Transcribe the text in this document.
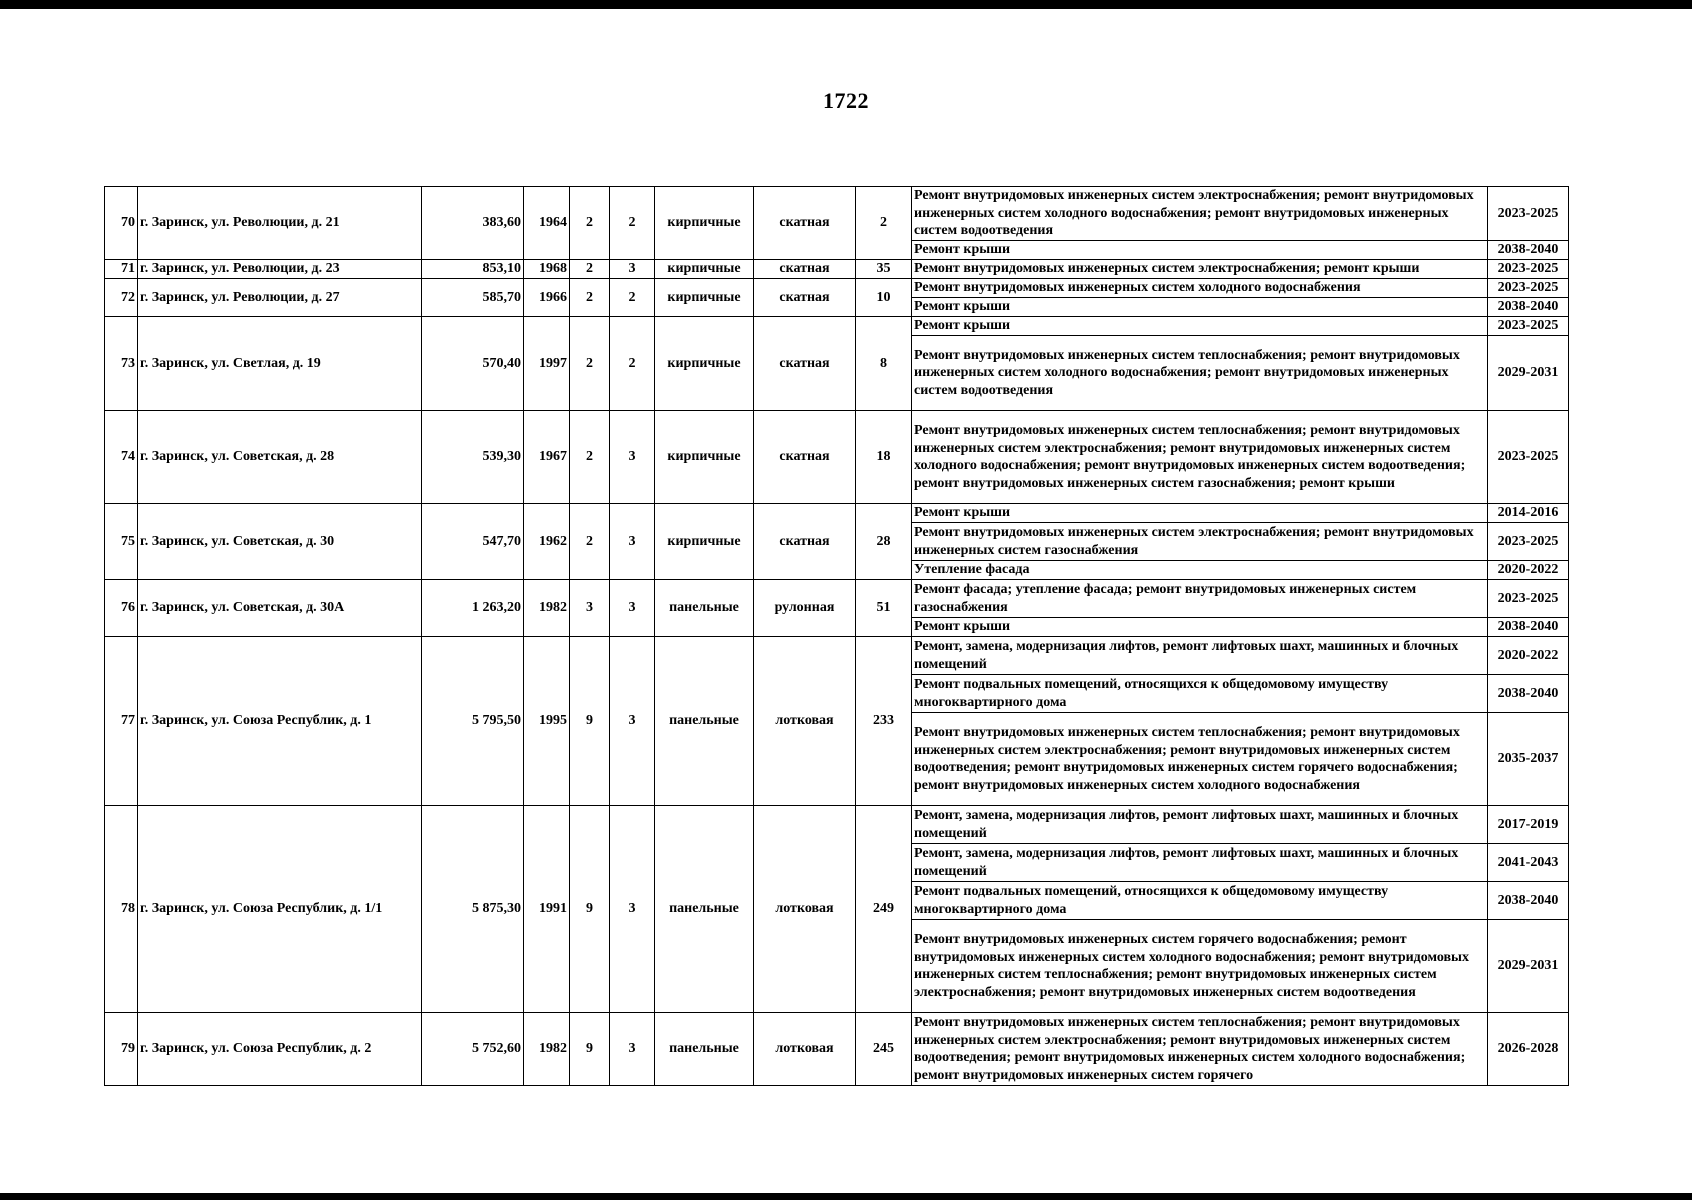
1722
70	г. Заринск, ул. Революции, д. 21	383,60	1964	2	2	кирпичные	скатная	2	Ремонт внутридомовых инженерных систем электроснабжения; ремонт внутридомовых инженерных систем холодного водоснабжения; ремонт внутридомовых инженерных систем водоотведения	2023-2025
									Ремонт крыши	2038-2040
71	г. Заринск, ул. Революции, д. 23	853,10	1968	2	3	кирпичные	скатная	35	Ремонт внутридомовых инженерных систем электроснабжения; ремонт крыши	2023-2025
72	г. Заринск, ул. Революции, д. 27	585,70	1966	2	2	кирпичные	скатная	10	Ремонт внутридомовых инженерных систем холодного водоснабжения	2023-2025
									Ремонт крыши	2038-2040
73	г. Заринск, ул. Светлая, д. 19	570,40	1997	2	2	кирпичные	скатная	8	Ремонт крыши	2023-2025
									Ремонт внутридомовых инженерных систем теплоснабжения; ремонт внутридомовых инженерных систем холодного водоснабжения; ремонт внутридомовых инженерных систем водоотведения	2029-2031
74	г. Заринск, ул. Советская, д. 28	539,30	1967	2	3	кирпичные	скатная	18	Ремонт внутридомовых инженерных систем теплоснабжения; ремонт внутридомовых инженерных систем электроснабжения; ремонт внутридомовых инженерных систем холодного водоснабжения; ремонт внутридомовых инженерных систем водоотведения; ремонт внутридомовых инженерных систем газоснабжения; ремонт крыши	2023-2025
75	г. Заринск, ул. Советская, д. 30	547,70	1962	2	3	кирпичные	скатная	28	Ремонт крыши	2014-2016
									Ремонт внутридомовых инженерных систем электроснабжения; ремонт внутридомовых инженерных систем газоснабжения	2023-2025
									Утепление фасада	2020-2022
76	г. Заринск, ул. Советская, д. 30А	1 263,20	1982	3	3	панельные	рулонная	51	Ремонт фасада; утепление фасада; ремонт внутридомовых инженерных систем газоснабжения	2023-2025
									Ремонт крыши	2038-2040
77	г. Заринск, ул. Союза Республик, д. 1	5 795,50	1995	9	3	панельные	лотковая	233	Ремонт, замена, модернизация лифтов, ремонт лифтовых шахт, машинных и блочных помещений	2020-2022
									Ремонт подвальных помещений, относящихся к общедомовому имуществу многоквартирного дома	2038-2040
									Ремонт внутридомовых инженерных систем теплоснабжения; ремонт внутридомовых инженерных систем электроснабжения; ремонт внутридомовых инженерных систем водоотведения; ремонт внутридомовых инженерных систем горячего водоснабжения; ремонт внутридомовых инженерных систем холодного водоснабжения	2035-2037
78	г. Заринск, ул. Союза Республик, д. 1/1	5 875,30	1991	9	3	панельные	лотковая	249	Ремонт, замена, модернизация лифтов, ремонт лифтовых шахт, машинных и блочных помещений	2017-2019
									Ремонт, замена, модернизация лифтов, ремонт лифтовых шахт, машинных и блочных помещений	2041-2043
									Ремонт подвальных помещений, относящихся к общедомовому имуществу многоквартирного дома	2038-2040
									Ремонт внутридомовых инженерных систем горячего водоснабжения; ремонт внутридомовых инженерных систем холодного водоснабжения; ремонт внутридомовых инженерных систем теплоснабжения; ремонт внутридомовых инженерных систем электроснабжения; ремонт внутридомовых инженерных систем водоотведения	2029-2031
79	г. Заринск, ул. Союза Республик, д. 2	5 752,60	1982	9	3	панельные	лотковая	245	Ремонт внутридомовых инженерных систем теплоснабжения; ремонт внутридомовых инженерных систем электроснабжения; ремонт внутридомовых инженерных систем водоотведения; ремонт внутридомовых инженерных систем холодного водоснабжения; ремонт внутридомовых инженерных систем горячего	2026-2028
